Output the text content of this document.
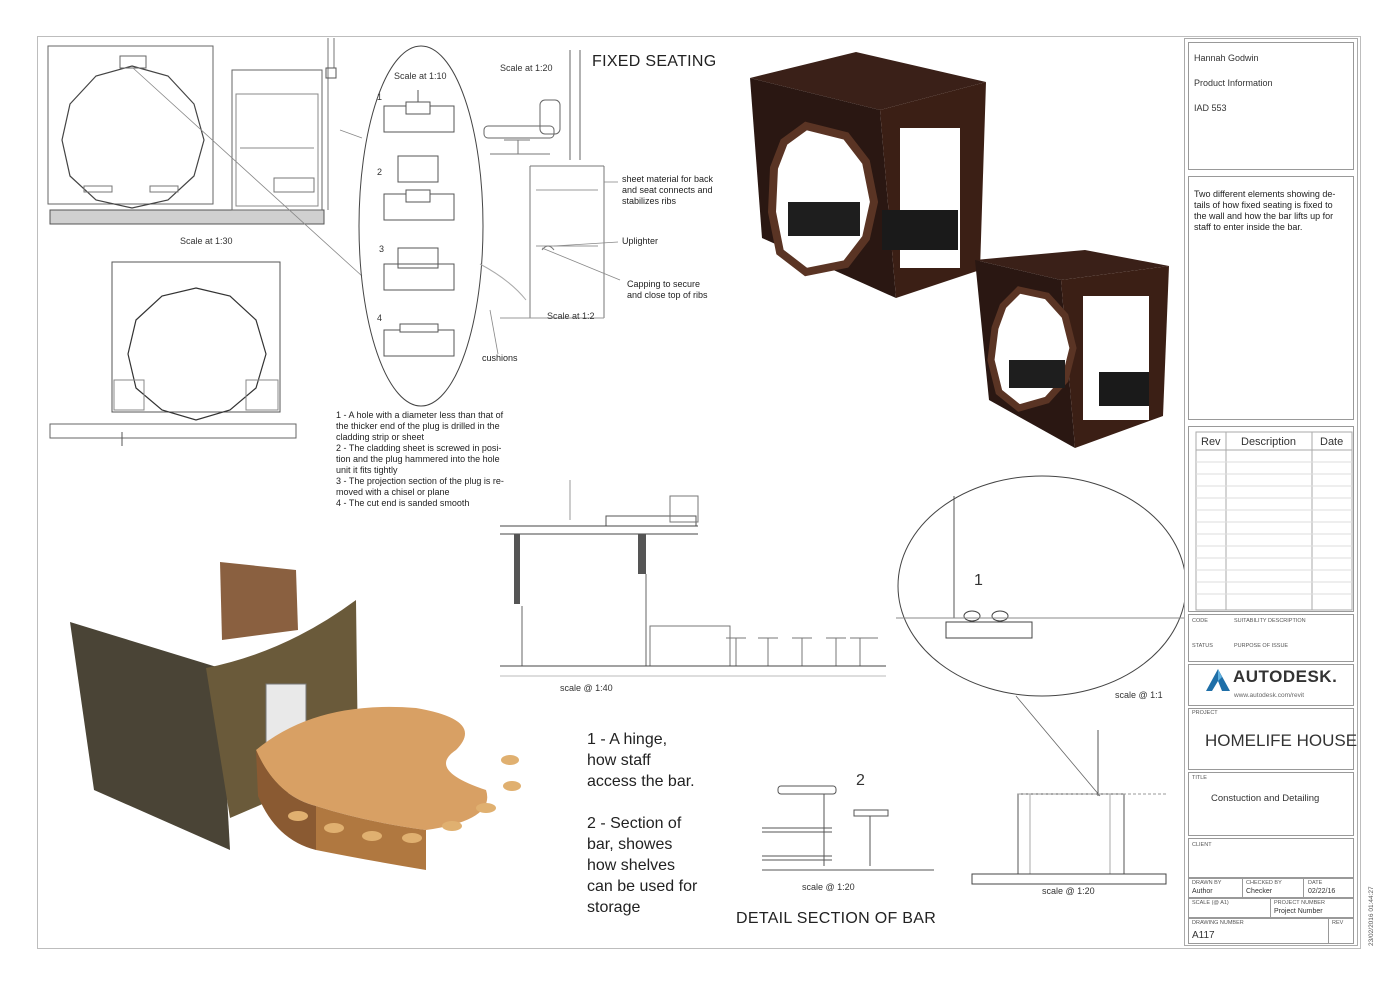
Scale at 1:30
Scale at 1:10
1
2
3
4
Scale at 1:20
Scale at 1:2
FIXED SEATING
sheet material for back
and seat connects and
stabilizes ribs
Uplighter
Capping to secure
and close top of ribs
cushions
1 - A hole with a diameter less than that of
the thicker end of the plug is drilled in the
cladding strip or sheet
2 - The cladding sheet is screwed in posi-
tion and the plug hammered into the hole
unit it fits tightly
3 - The projection section of the plug is re-
moved with a chisel or plane
4 - The cut end is sanded smooth
scale @ 1:40
1
scale @ 1:1
scale @ 1:20
2
scale @ 1:20
DETAIL SECTION OF BAR
1 - A hinge,
how staff
access the bar.
2 - Section of
bar, showes
how shelves
can be used for
storage
Hannah Godwin
Product Information
IAD 553
Two different elements showing de-
tails of how fixed seating is fixed to
the wall and how the bar lifts up for
staff to enter inside the bar.
Rev Description Date
CODE	SUITABILITY DESCRIPTION
STATUS	PURPOSE OF ISSUE
AUTODESK.
www.autodesk.com/revit
PROJECT
HOMELIFE HOUSE
TITLE
Constuction and Detailing
CLIENT
DRAWN BY
Author
CHECKED BY
Checker
DATE
02/22/16
SCALE (@ A1)	PROJECT NUMBER
Project Number
DRAWING NUMBER
A117
REV	23/02/2016 01:44:27
